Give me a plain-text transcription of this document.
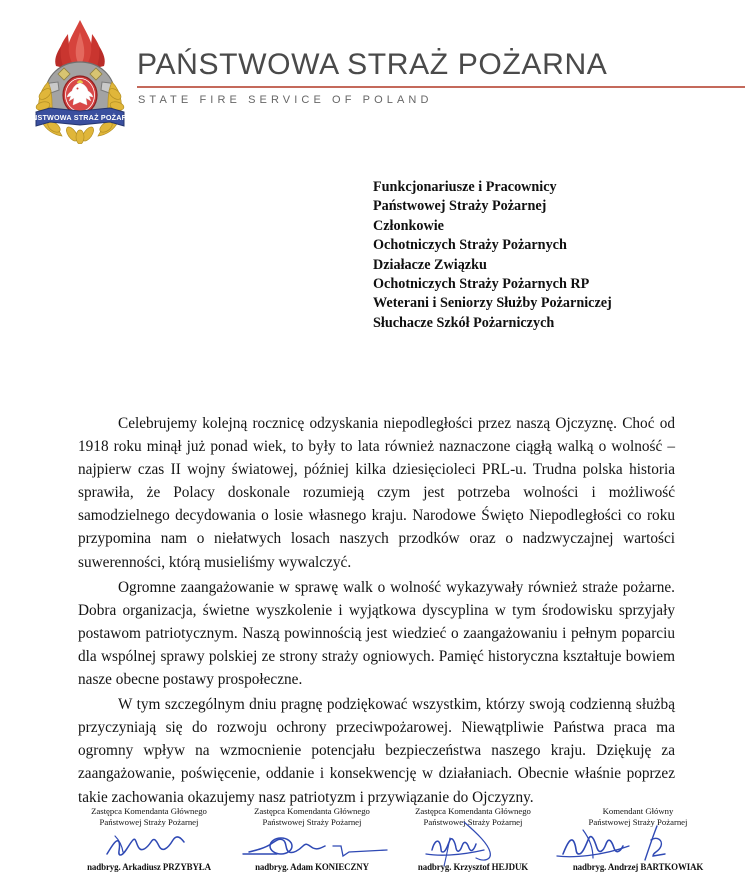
PAŃSTWOWA STRAŻ POŻARNA
PAŃSTWOWA STRAŻ POŻARNA
STATE FIRE SERVICE OF POLAND
Funkcjonariusze i Pracownicy
Państwowej Straży Pożarnej
Członkowie
Ochotniczych Straży Pożarnych
Działacze Związku
Ochotniczych Straży Pożarnych RP
Weterani i Seniorzy Służby Pożarniczej
Słuchacze Szkół Pożarniczych

Celebrujemy kolejną rocznicę odzyskania niepodległości przez naszą Ojczyznę. Choć od 1918 roku minął już ponad wiek, to były to lata również naznaczone ciągłą walką o wolność – najpierw czas II wojny światowej, później kilka dziesięcioleci PRL-u. Trudna polska historia sprawiła, że Polacy doskonale rozumieją czym jest potrzeba wolności i możliwość samodzielnego decydowania o losie własnego kraju. Narodowe Święto Niepodległości co roku przypomina nam o niełatwych losach naszych przodków oraz o nadzwyczajnej wartości suwerenności, którą musieliśmy wywalczyć.

Ogromne zaangażowanie w sprawę walk o wolność wykazywały również straże pożarne. Dobra organizacja, świetne wyszkolenie i wyjątkowa dyscyplina w tym środowisku sprzyjały postawom patriotycznym. Naszą powinnością jest wiedzieć o zaangażowaniu i pełnym poparciu dla wspólnej sprawy polskiej ze strony straży ogniowych. Pamięć historyczna kształtuje bowiem nasze obecne postawy prospołeczne.

W tym szczególnym dniu pragnę podziękować wszystkim, którzy swoją codzienną służbą przyczyniają się do rozwoju ochrony przeciwpożarowej. Niewątpliwie Państwa praca ma ogromny wpływ na wzmocnienie potencjału bezpieczeństwa naszego kraju. Dziękuję za zaangażowanie, poświęcenie, oddanie i konsekwencję w działaniach. Obecnie właśnie poprzez takie zachowania okazujemy nasz patriotyzm i przywiązanie do Ojczyzny.

Zastępca Komendanta Głównego
Państwowej Straży Pożarnej
nadbryg. Arkadiusz PRZYBYŁA
Zastępca Komendanta Głównego
Państwowej Straży Pożarnej
nadbryg. Adam KONIECZNY
Zastępca Komendanta Głównego
Państwowej Straży Pożarnej
nadbryg. Krzysztof HEJDUK
Komendant Główny
Państwowej Straży Pożarnej
nadbryg. Andrzej BARTKOWIAK
